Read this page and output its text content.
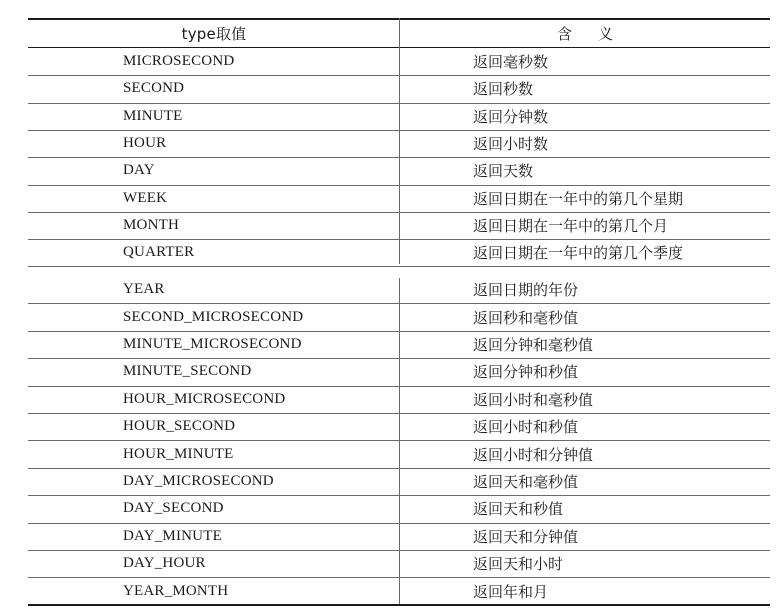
type取值	含义
MICROSECOND	返回毫秒数
SECOND	返回秒数
MINUTE	返回分钟数
HOUR	返回小时数
DAY	返回天数
WEEK	返回日期在一年中的第几个星期
MONTH	返回日期在一年中的第几个月
QUARTER	返回日期在一年中的第几个季度
YEAR	返回日期的年份
SECOND_MICROSECOND	返回秒和毫秒值
MINUTE_MICROSECOND	返回分钟和毫秒值
MINUTE_SECOND	返回分钟和秒值
HOUR_MICROSECOND	返回小时和毫秒值
HOUR_SECOND	返回小时和秒值
HOUR_MINUTE	返回小时和分钟值
DAY_MICROSECOND	返回天和毫秒值
DAY_SECOND	返回天和秒值
DAY_MINUTE	返回天和分钟值
DAY_HOUR	返回天和小时
YEAR_MONTH	返回年和月
